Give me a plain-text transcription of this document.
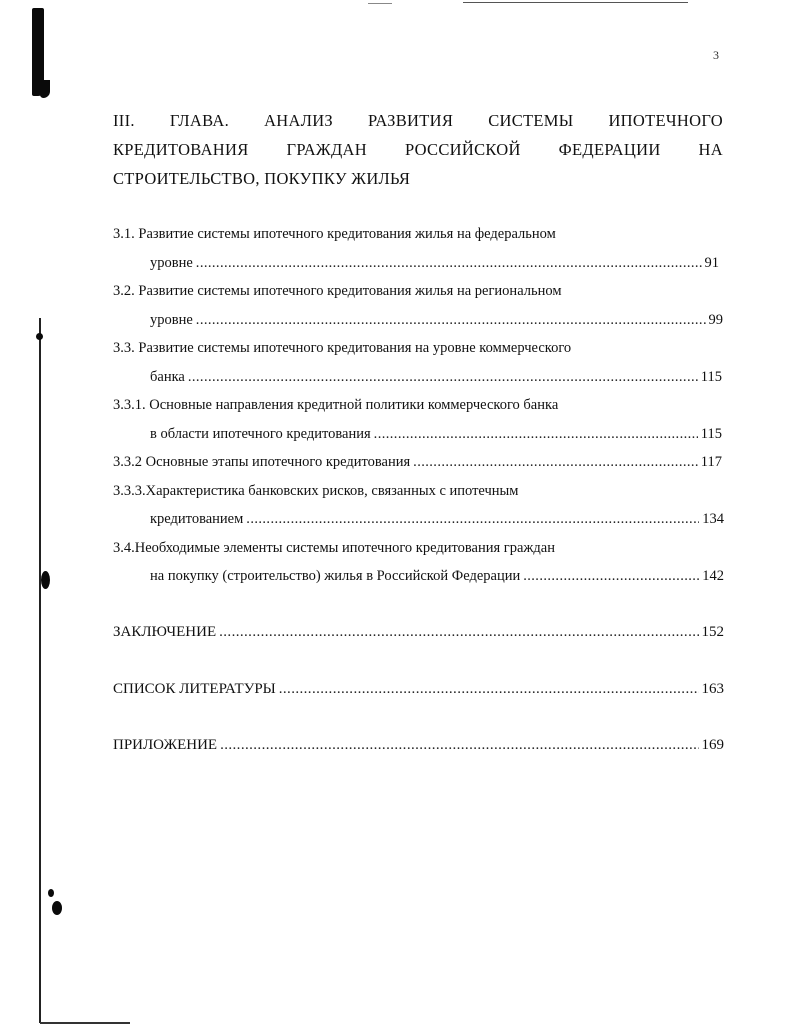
3
III. ГЛАВА. АНАЛИЗ РАЗВИТИЯ СИСТЕМЫ ИПОТЕЧНОГО
КРЕДИТОВАНИЯ ГРАЖДАН РОССИЙСКОЙ ФЕДЕРАЦИИ НА
СТРОИТЕЛЬСТВО, ПОКУПКУ ЖИЛЬЯ
3.1. Развитие системы ипотечного кредитования жилья на федеральном
уровне .....	91
3.2. Развитие системы ипотечного кредитования жилья на региональном
уровне .....	99
3.3. Развитие системы ипотечного кредитования на уровне коммерческого
банка .....	115
3.3.1. Основные направления кредитной политики коммерческого банка
в области ипотечного кредитования .....	115
3.3.2 Основные этапы ипотечного кредитования .....	117
3.3.3.Характеристика банковских рисков, связанных с ипотечным
кредитованием .....	134
3.4.Необходимые элементы системы ипотечного кредитования граждан
на покупку (строительство) жилья в Российской Федерации .....	142
ЗАКЛЮЧЕНИЕ .....	152
СПИСОК ЛИТЕРАТУРЫ .....	163
ПРИЛОЖЕНИЕ .....	169
